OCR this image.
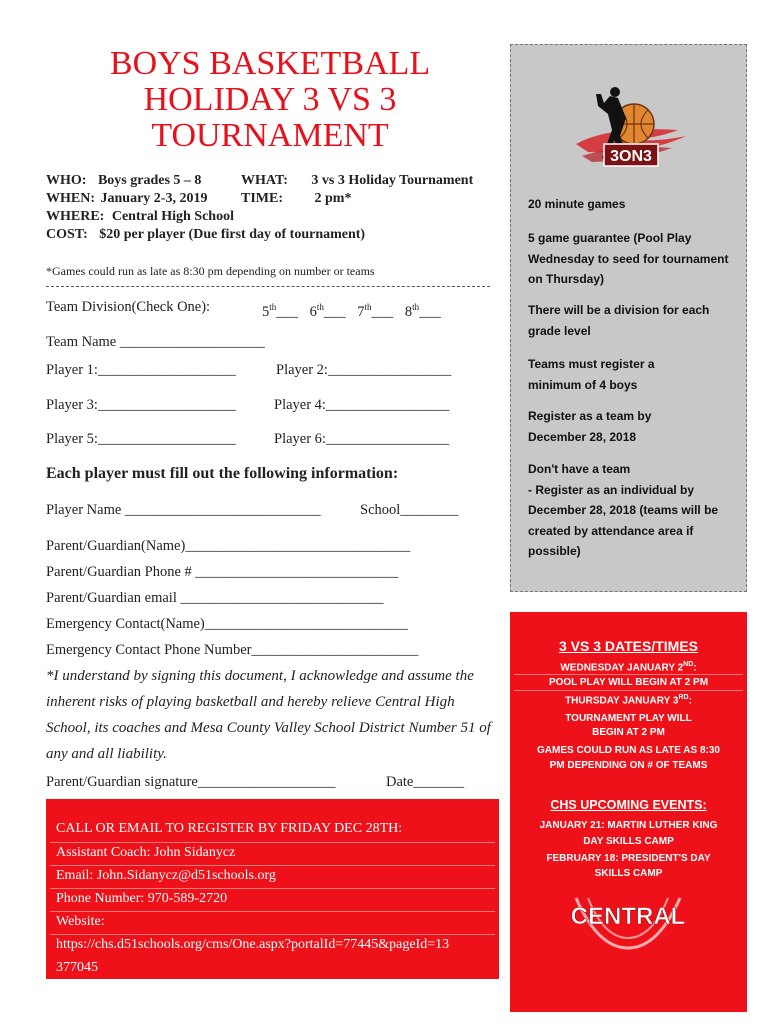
BOYS BASKETBALL
HOLIDAY 3 VS 3
TOURNAMENT
WHO: Boys grades 5 – 8	WHAT: 3 vs 3 Holiday Tournament
WHEN: January 2-3, 2019 TIME: 2 pm*
WHERE: Central High School
COST: $20 per player (Due first day of tournament)
*Games could run as late as 8:30 pm depending on number or teams
Team Division(Check One):	5th___ 6th___ 7th___ 8th___
Team Name ____________________
Player 1:___________________	Player 2:_________________
Player 3:___________________	Player 4:_________________
Player 5:___________________	Player 6:_________________
Each player must fill out the following information:
Player Name ___________________________	School________
Parent/Guardian(Name)_______________________________
Parent/Guardian Phone # ____________________________
Parent/Guardian email ____________________________
Emergency Contact(Name)____________________________
Emergency Contact Phone Number_______________________
*I understand by signing this document, I acknowledge and assume the inherent risks of playing basketball and hereby relieve Central High School, its coaches and Mesa County Valley School District Number 51 of any and all liability.
Parent/Guardian signature___________________	Date_______
CALL OR EMAIL TO REGISTER BY FRIDAY DEC 28TH:
Assistant Coach: John Sidanycz
Email: John.Sidanycz@d51schools.org
Phone Number: 970-589-2720
Website:
https://chs.d51schools.org/cms/One.aspx?portalId=77445&pageId=13
377045
3ON3
20 minute games
5 game guarantee (Pool Play Wednesday to seed for tournament on Thursday)
There will be a division for each grade level
Teams must register a minimum of 4 boys
Register as a team by December 28, 2018
Don't have a team
- Register as an individual by December 28, 2018 (teams will be created by attendance area if possible)
3 VS 3 DATES/TIMES
WEDNESDAY JANUARY 2ND:
POOL PLAY WILL BEGIN AT 2 PM
THURSDAY JANUARY 3RD:
TOURNAMENT PLAY WILL
BEGIN AT 2 PM
GAMES COULD RUN AS LATE AS 8:30
PM DEPENDING ON # OF TEAMS
CHS UPCOMING EVENTS:
JANUARY 21: MARTIN LUTHER KING
DAY SKILLS CAMP
FEBRUARY 18: PRESIDENT'S DAY
SKILLS CAMP
CENTRAL
